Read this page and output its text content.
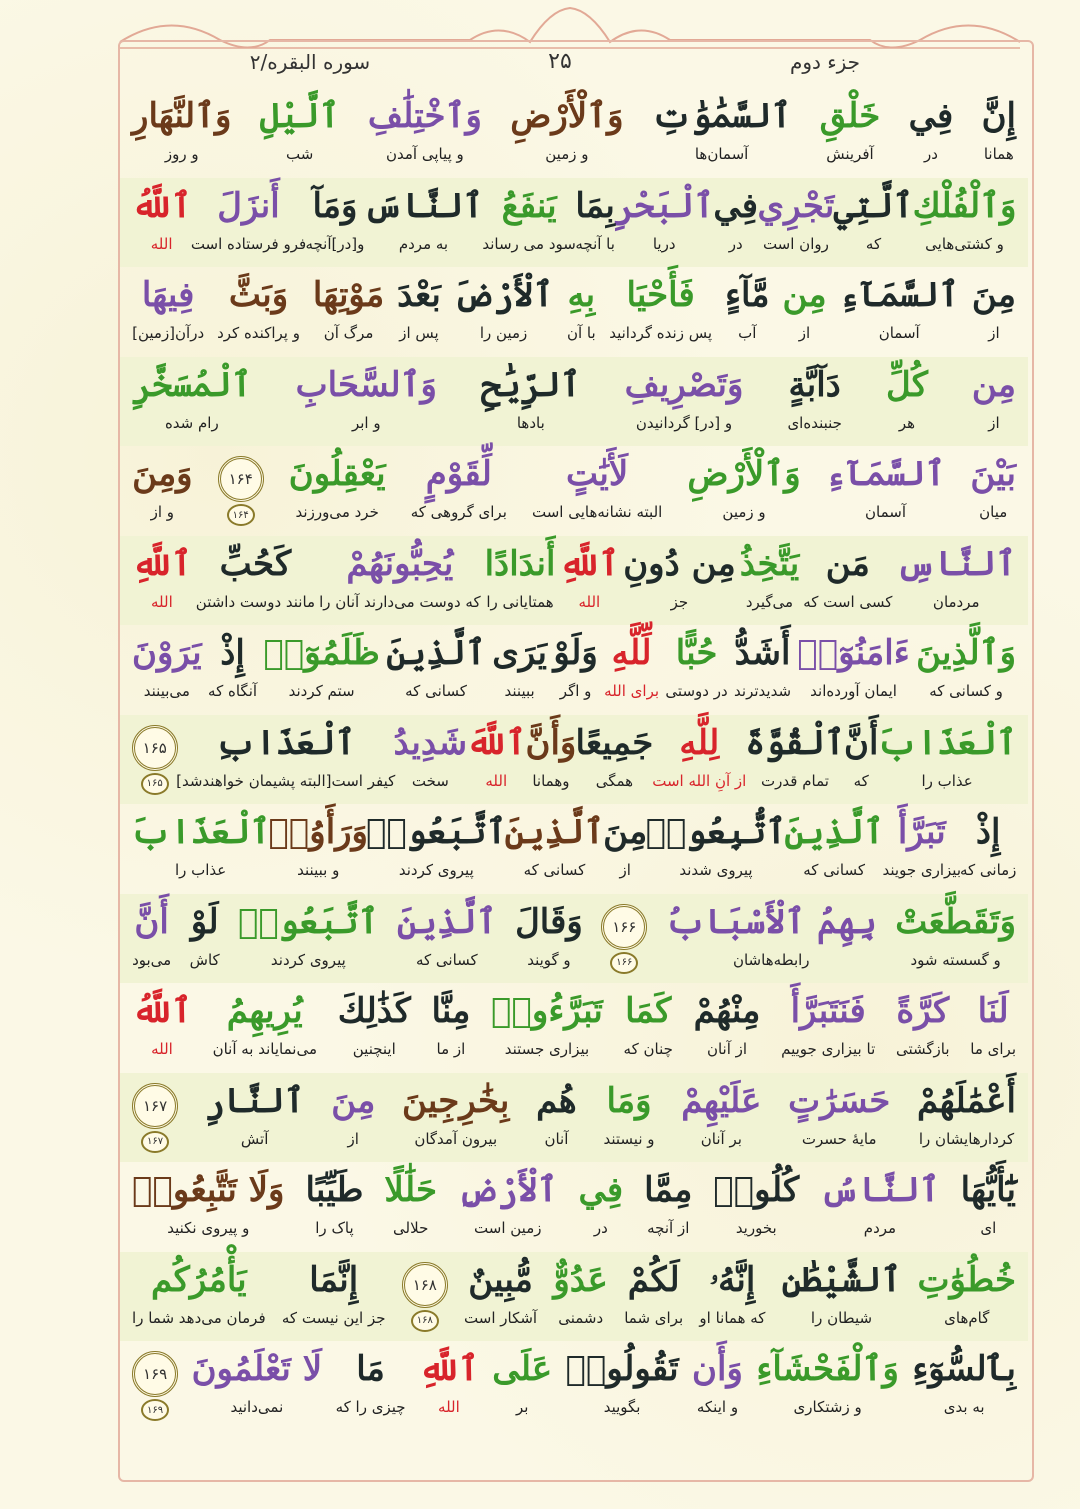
جزء دوم
۲۵
سوره البقره/۲
إِنَّ
همانا
فِي
در
خَلْقِ
آفرینش
ٱلسَّمَٰوَٰتِ
آسمان‌ها
وَٱلْأَرْضِ
و زمین
وَٱخْتِلَٰفِ
و پیاپی آمدن
ٱلَّيْلِ
شب
وَٱلنَّهَارِ
و روز
وَٱلْفُلْكِ
و کشتی‌هایی
ٱلَّتِي
که
تَجْرِي
روان است
فِي
در
ٱلْبَحْرِ
دریا
بِمَا
با آنچه
يَنفَعُ
سود می رساند
ٱلنَّاسَ
به مردم
وَمَآ
و[در]آنچه
أَنزَلَ
فرو فرستاده است
ٱللَّهُ
الله
مِنَ
از
ٱلسَّمَآءِ
آسمان
مِن
از
مَّآءٍ
آب
فَأَحْيَا
پس زنده گردانید
بِهِ
با آن
ٱلْأَرْضَ
زمین را
بَعْدَ
پس از
مَوْتِهَا
مرگ آن
وَبَثَّ
و پراکنده کرد
فِيهَا
درآن[زمین]
مِن
از
كُلِّ
هر
دَآبَّةٍ
جنبنده‌ای
وَتَصْرِيفِ
و [در] گردانیدن
ٱلرِّيَٰحِ
بادها
وَٱلسَّحَابِ
و ابر
ٱلْمُسَخَّرِ
رام شده
بَيْنَ
میان
ٱلسَّمَآءِ
آسمان
وَٱلْأَرْضِ
و زمین
لَأَيَٰتٍ
البته نشانه‌هایی است
لِّقَوْمٍ
برای گروهی که
يَعْقِلُونَ
خرد می‌ورزند
۱۶۴
۱۶۴
وَمِنَ
و از
ٱلنَّاسِ
مردمان
مَن
کسی است که
يَتَّخِذُ
می‌گیرد
مِن دُونِ
جز
ٱللَّهِ
الله
أَندَادًا
همتایانی را
يُحِبُّونَهُمْ
که دوست می‌دارند آنان را
كَحُبِّ
مانند دوست داشتن
ٱللَّهِ
الله
وَٱلَّذِينَ
و کسانی که
ءَامَنُوٓا۟
ایمان آورده‌اند
أَشَدُّ
شدیدترند
حُبًّا
در دوستی
لِّلَّهِ
برای الله
وَلَوْ
و اگر
يَرَى
ببینند
ٱلَّذِينَ
کسانی که
ظَلَمُوٓا۟
ستم کردند
إِذْ
آنگاه که
يَرَوْنَ
می‌بینند
ٱلْعَذَابَ
عذاب را
أَنَّ
که
ٱلْقُوَّةَ
تمام قدرت
لِلَّهِ
از آنِ الله است
جَمِيعًا
همگی
وَأَنَّ
وهمانا
ٱللَّهَ
الله
شَدِيدُ
سخت
ٱلْعَذَابِ
کیفر است[البته پشیمان خواهندشد]
۱۶۵
۱۶۵
إِذْ
زمانی که
تَبَرَّأَ
بیزاری جویند
ٱلَّذِينَ
کسانی که
ٱتُّبِعُوا۟
پیروی شدند
مِنَ
از
ٱلَّذِينَ
کسانی که
ٱتَّبَعُوا۟
پیروی کردند
وَرَأَوُا۟
و ببینند
ٱلْعَذَابَ
عذاب را
وَتَقَطَّعَتْ
و گسسته شود
بِهِمُ ٱلْأَسْبَابُ
رابطه‌هاشان
۱۶۶
۱۶۶
وَقَالَ
و گویند
ٱلَّذِينَ
کسانی که
ٱتَّبَعُوا۟
پیروی کردند
لَوْ
کاش
أَنَّ
می‌بود
لَنَا
برای ما
كَرَّةً
بازگشتی
فَنَتَبَرَّأَ
تا بیزاری جوییم
مِنْهُمْ
از آنان
كَمَا
چنان که
تَبَرَّءُوا۟
بیزاری جستند
مِنَّا
از ما
كَذَٰلِكَ
اینچنین
يُرِيهِمُ
می‌نمایاند به آنان
ٱللَّهُ
الله
أَعْمَٰلَهُمْ
کردارهایشان را
حَسَرَٰتٍ
مایهٔ حسرت
عَلَيْهِمْ
بر آنان
وَمَا
و نیستند
هُم
آنان
بِخَٰرِجِينَ
بیرون آمدگان
مِنَ
از
ٱلنَّارِ
آتش
۱۶۷
۱۶۷
يَٰٓأَيُّهَا
ای
ٱلنَّاسُ
مردم
كُلُوا۟
بخورید
مِمَّا
از آنچه
فِي
در
ٱلْأَرْضِ
زمین است
حَلَٰلًا
حلالی
طَيِّبًا
پاک را
وَلَا تَتَّبِعُوا۟
و پیروی نکنید
خُطُوَٰتِ
گام‌های
ٱلشَّيْطَٰنِ
شیطان را
إِنَّهُۥ
که همانا او
لَكُمْ
برای شما
عَدُوٌّ
دشمنی
مُّبِينٌ
آشکار است
۱۶۸
۱۶۸
إِنَّمَا
جز این نیست که
يَأْمُرُكُم
فرمان می‌دهد شما را
بِٱلسُّوٓءِ
به بدی
وَٱلْفَحْشَآءِ
و زشتکاری
وَأَن
و اینکه
تَقُولُوا۟
بگویید
عَلَى
بر
ٱللَّهِ
الله
مَا
چیزی را که
لَا تَعْلَمُونَ
نمی‌دانید
۱۶۹
۱۶۹
